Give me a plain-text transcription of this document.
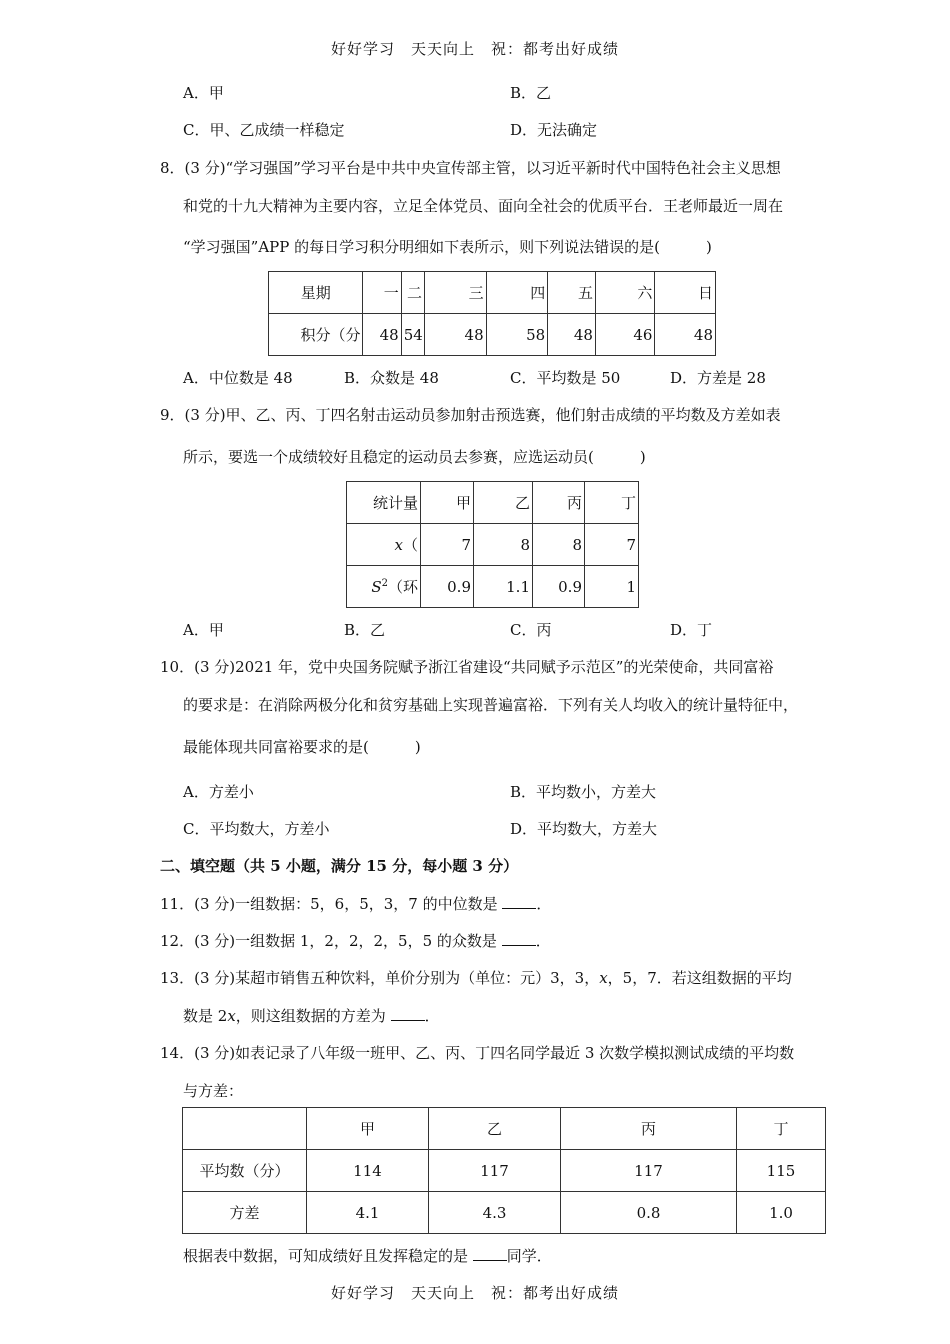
好好学习　天天向上　祝：都考出好成绩
A．甲	B．乙
C．甲、乙成绩一样稳定	D．无法确定
8．(3 分)“学习强国”学习平台是中共中央宣传部主管，以习近平新时代中国特色社会主义思想
和党的十九大精神为主要内容，立足全体党员、面向全社会的优质平台．王老师最近一周在
“学习强国”APP 的每日学习积分明细如下表所示，则下列说法错误的是(	)
星期	一	二	三	四	五	六	日
积分（分	48	54	48	58	48	46	48
A．中位数是 48	B．众数是 48	C．平均数是 50	D．方差是 28
9．(3 分)甲、乙、丙、丁四名射击运动员参加射击预选赛，他们射击成绩的平均数及方差如表
所示，要选一个成绩较好且稳定的运动员去参赛，应选运动员(	)
统计量	甲	乙	丙	丁
x（	7	8	8	7
$S^2$（环	0.9	1.1	0.9	1
A．甲	B．乙	C．丙	D．丁
10．(3 分)2021 年，党中央国务院赋予浙江省建设“共同赋予示范区”的光荣使命，共同富裕
的要求是：在消除两极分化和贫穷基础上实现普遍富裕．下列有关人均收入的统计量特征中，
最能体现共同富裕要求的是(	)
A．方差小	B．平均数小，方差大
C．平均数大，方差小	D．平均数大，方差大
二、填空题（共 5 小题，满分 15 分，每小题 3 分）
11．(3 分)一组数据：5，6，5，3，7 的中位数是	．
12．(3 分)一组数据 1，2，2，2，5，5 的众数是	．
13．(3 分)某超市销售五种饮料，单价分别为（单位：元）3，3，x，5，7．若这组数据的平均
数是 2x，则这组数据的方差为	．
14．(3 分)如表记录了八年级一班甲、乙、丙、丁四名同学最近 3 次数学模拟测试成绩的平均数
与方差：
	甲	乙	丙	丁
平均数（分）	114	117	117	115
方差	4.1	4.3	0.8	1.0
根据表中数据，可知成绩好且发挥稳定的是	同学．
好好学习　天天向上　祝：都考出好成绩
